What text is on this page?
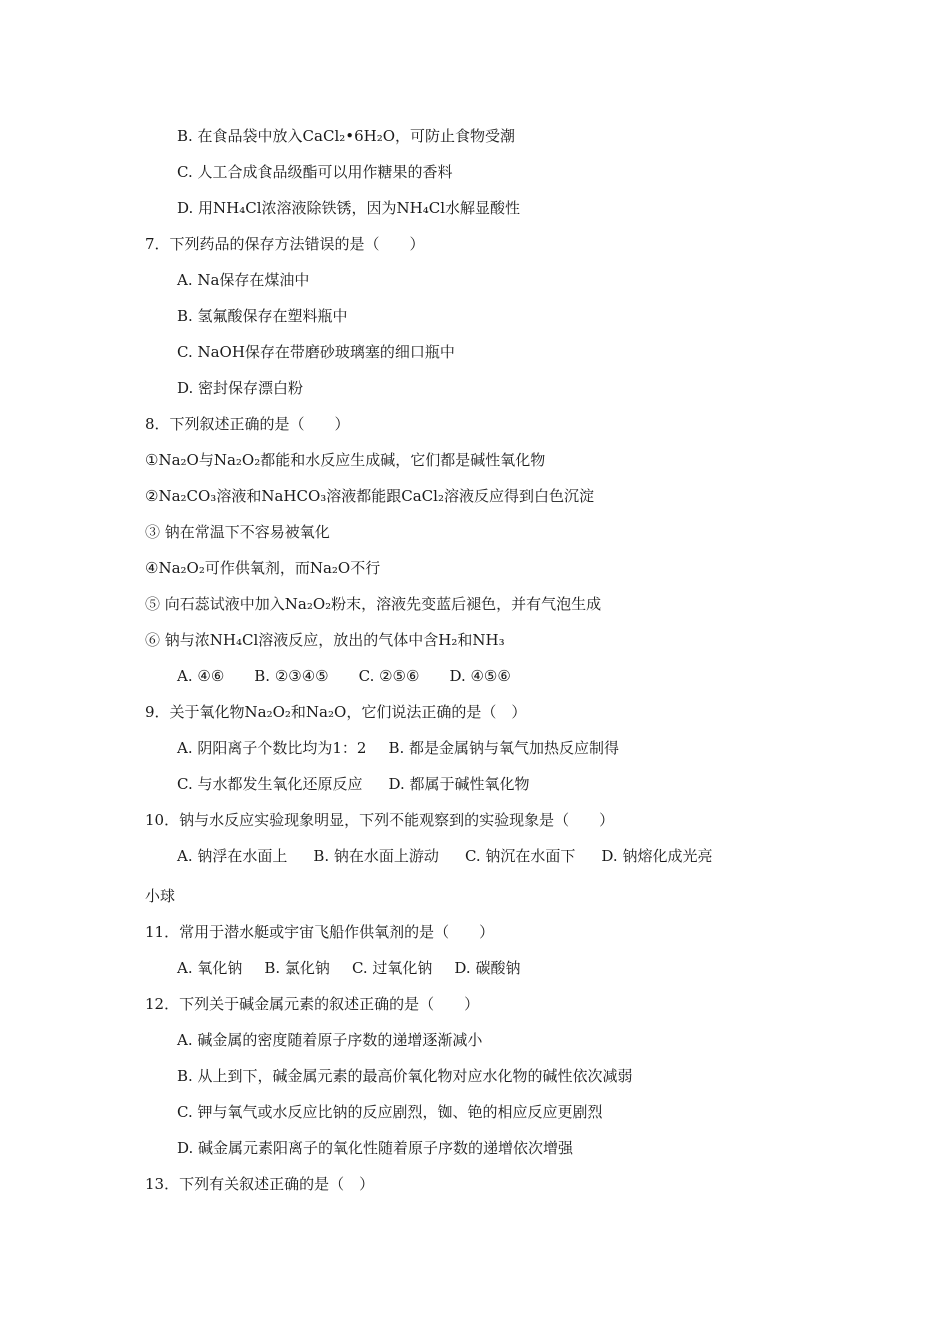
B. 在食品袋中放入CaCl₂•6H₂O，可防止食物受潮
C. 人工合成食品级酯可以用作糖果的香料
D. 用NH₄Cl浓溶液除铁锈，因为NH₄Cl水解显酸性
7．下列药品的保存方法错误的是（　　）
A. Na保存在煤油中
B. 氢氟酸保存在塑料瓶中
C. NaOH保存在带磨砂玻璃塞的细口瓶中
D. 密封保存漂白粉
8．下列叙述正确的是（　　）
①Na₂O与Na₂O₂都能和水反应生成碱，它们都是碱性氧化物
②Na₂CO₃溶液和NaHCO₃溶液都能跟CaCl₂溶液反应得到白色沉淀
③ 钠在常温下不容易被氧化
④Na₂O₂可作供氧剂，而Na₂O不行
⑤ 向石蕊试液中加入Na₂O₂粉末，溶液先变蓝后褪色，并有气泡生成
⑥ 钠与浓NH₄Cl溶液反应，放出的气体中含H₂和NH₃
A. ④⑥ B. ②③④⑤ C. ②⑤⑥ D. ④⑤⑥
9．关于氧化物Na₂O₂和Na₂O，它们说法正确的是（　）
A. 阴阳离子个数比均为1：2 B. 都是金属钠与氧气加热反应制得
C. 与水都发生氧化还原反应 D. 都属于碱性氧化物
10．钠与水反应实验现象明显，下列不能观察到的实验现象是（　　）
A. 钠浮在水面上 B. 钠在水面上游动 C. 钠沉在水面下 D. 钠熔化成光亮
小球
11．常用于潜水艇或宇宙飞船作供氧剂的是（　　）
A. 氧化钠 B. 氯化钠 C. 过氧化钠 D. 碳酸钠
12．下列关于碱金属元素的叙述正确的是（　　）
A. 碱金属的密度随着原子序数的递增逐渐减小
B. 从上到下，碱金属元素的最高价氧化物对应水化物的碱性依次减弱
C. 钾与氧气或水反应比钠的反应剧烈，铷、铯的相应反应更剧烈
D. 碱金属元素阳离子的氧化性随着原子序数的递增依次增强
13．下列有关叙述正确的是（　）
